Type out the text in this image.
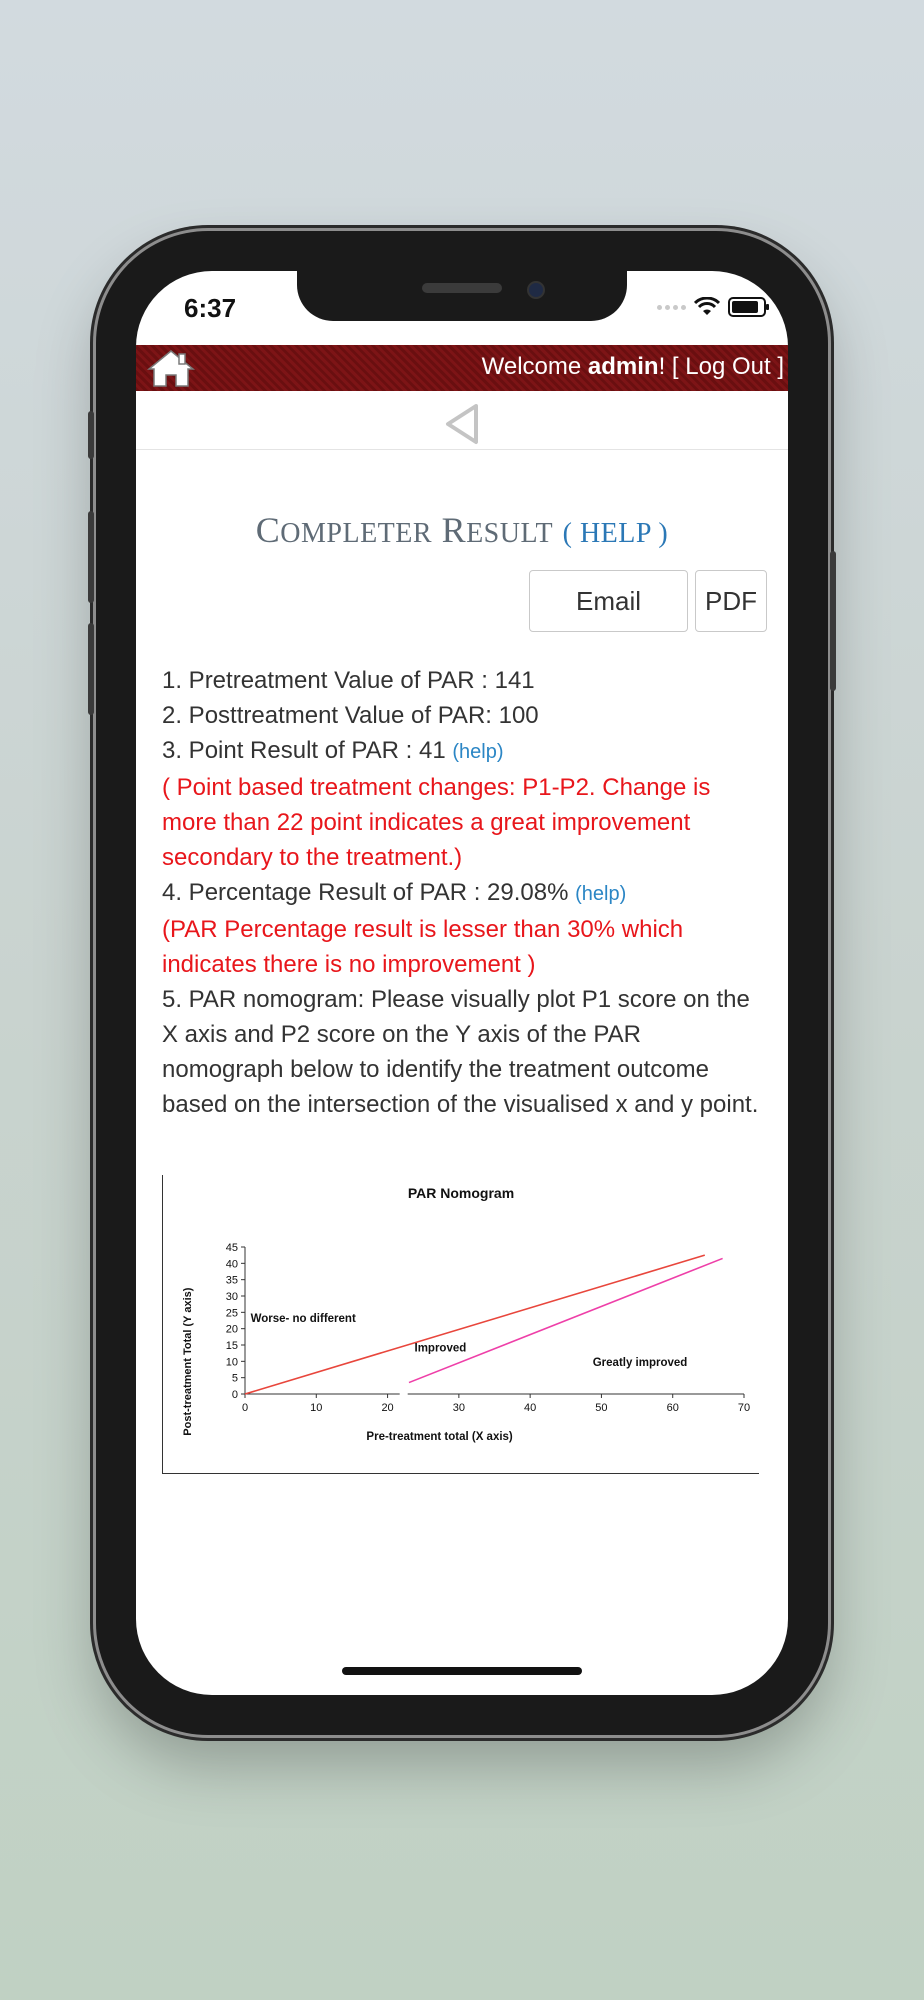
6:37
Welcome admin! [ Log Out ]
COMPLETER RESULT ( HELP )
Email	PDF

1. Pretreatment Value of PAR : 141

2. Posttreatment Value of PAR: 100

3. Point Result of PAR : 41 (help)

( Point based treatment changes: P1-P2. Change is more than 22 point indicates a great improvement secondary to the treatment.)

4. Percentage Result of PAR : 29.08% (help)

(PAR Percentage result is lesser than 30% which indicates there is no improvement )

5. PAR nomogram: Please visually plot P1 score on the X axis and P2 score on the Y axis of the PAR nomograph below to identify the treatment outcome based on the intersection of the visualised x and y point.

PAR Nomogram
0
5
10
15
20
25
30
35
40
45
0	10	20	30	40	50	60	70
Worse- no different
Improved
Greatly improved
Pre-treatment total (X axis)
Post-treatment Total (Y axis)
